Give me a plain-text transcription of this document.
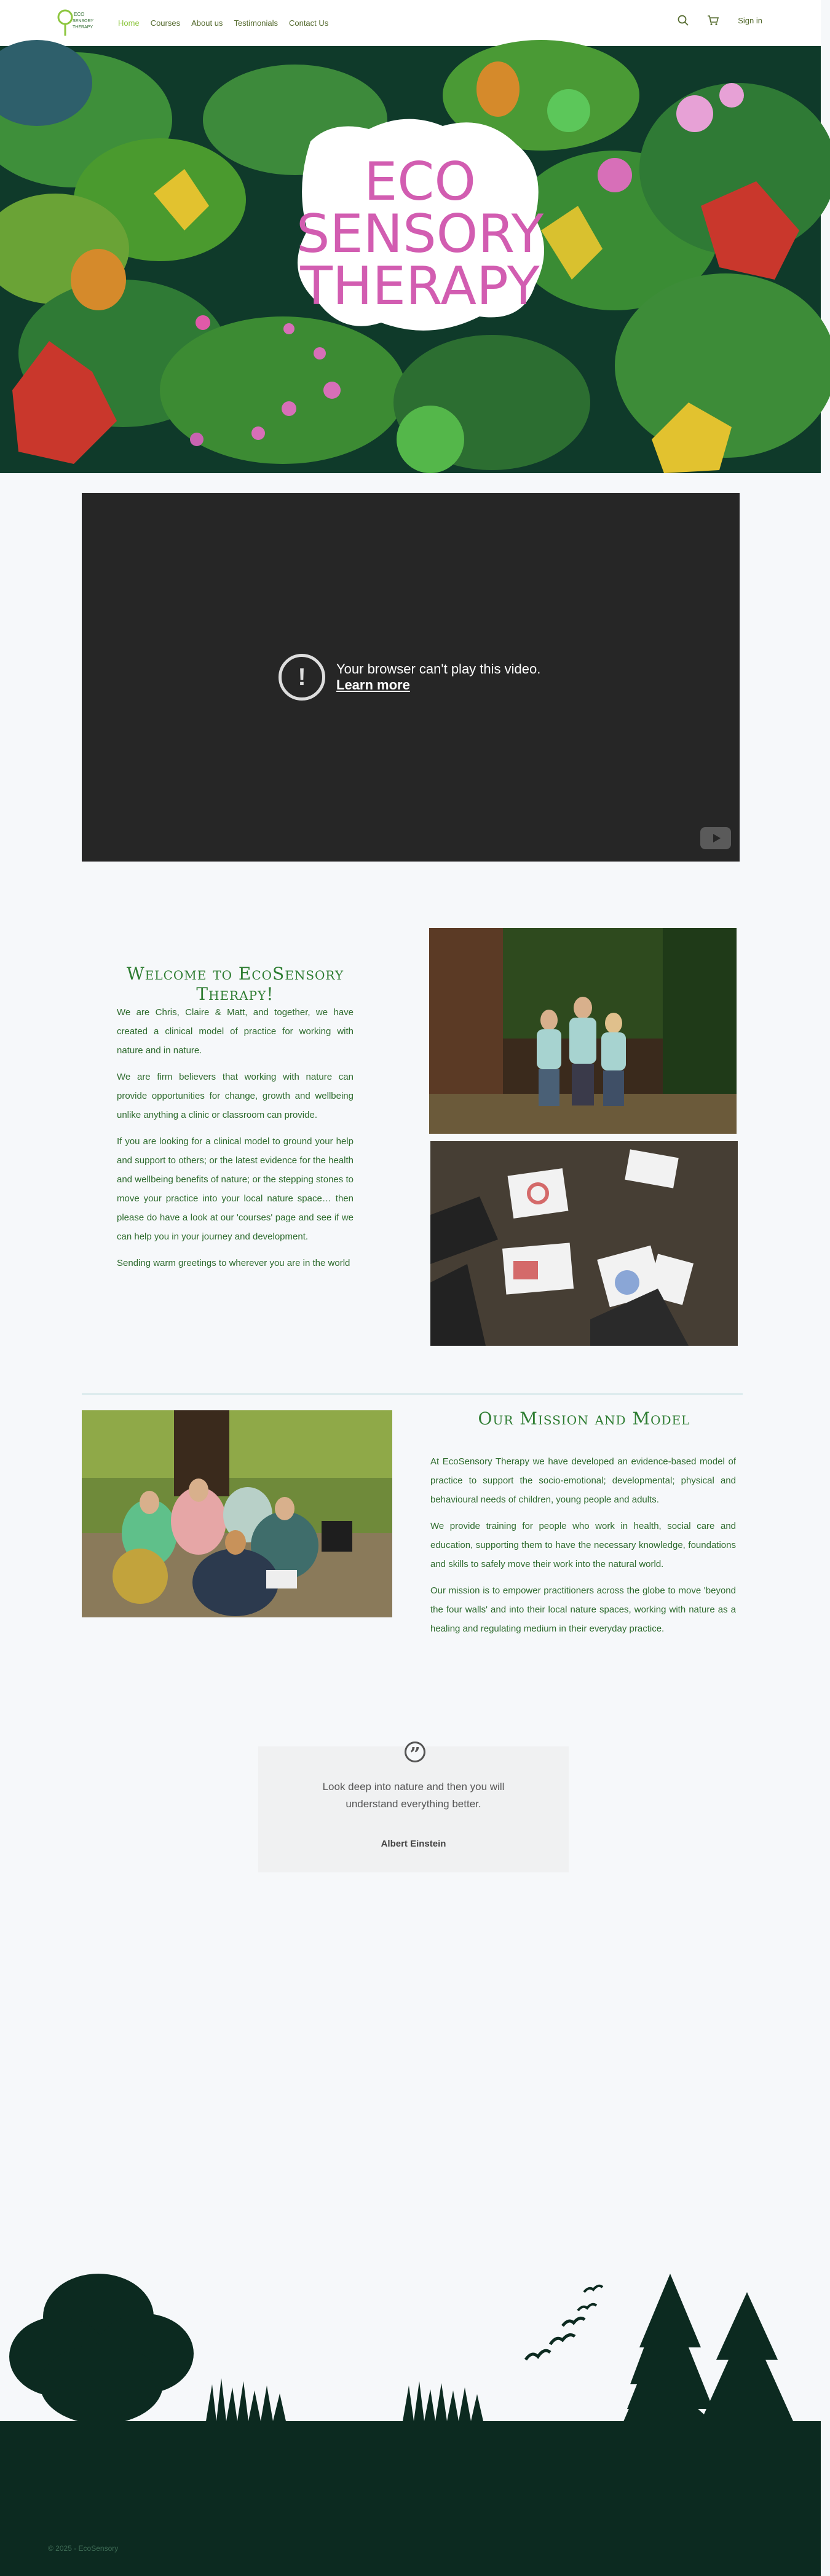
ECO
SENSORY
THERAPY	Home Courses About us Testimonials Contact Us	Sign in
ECO
SENSORY
THERAPY
!	Your browser can't play this video.
Learn more
Welcome to EcoSensory Therapy!

We are Chris, Claire & Matt, and together, we have created a clinical model of practice for working with nature and in nature.

We are firm believers that working with nature can provide opportunities for change, growth and wellbeing unlike anything a clinic or classroom can provide.

If you are looking for a clinical model to ground your help and support to others; or the latest evidence for the health and wellbeing benefits of nature; or the stepping stones to move your practice into your local nature space… then please do have a look at our 'courses' page and see if we can help you in your journey and development.

Sending warm greetings to wherever you are in the world

Our Mission and Model

At EcoSensory Therapy we have developed an evidence-based model of practice to support the socio-emotional; developmental; physical and behavioural needs of children, young people and adults.

We provide training for people who work in health, social care and education, supporting them to have the necessary knowledge, foundations and skills to safely move their work into the natural world.

Our mission is to empower practitioners across the globe to move 'beyond the four walls' and into their local nature spaces, working with nature as a healing and regulating medium in their everyday practice.

”
Look deep into nature and then you will understand everything better.
Albert Einstein
© 2025 - EcoSensory
